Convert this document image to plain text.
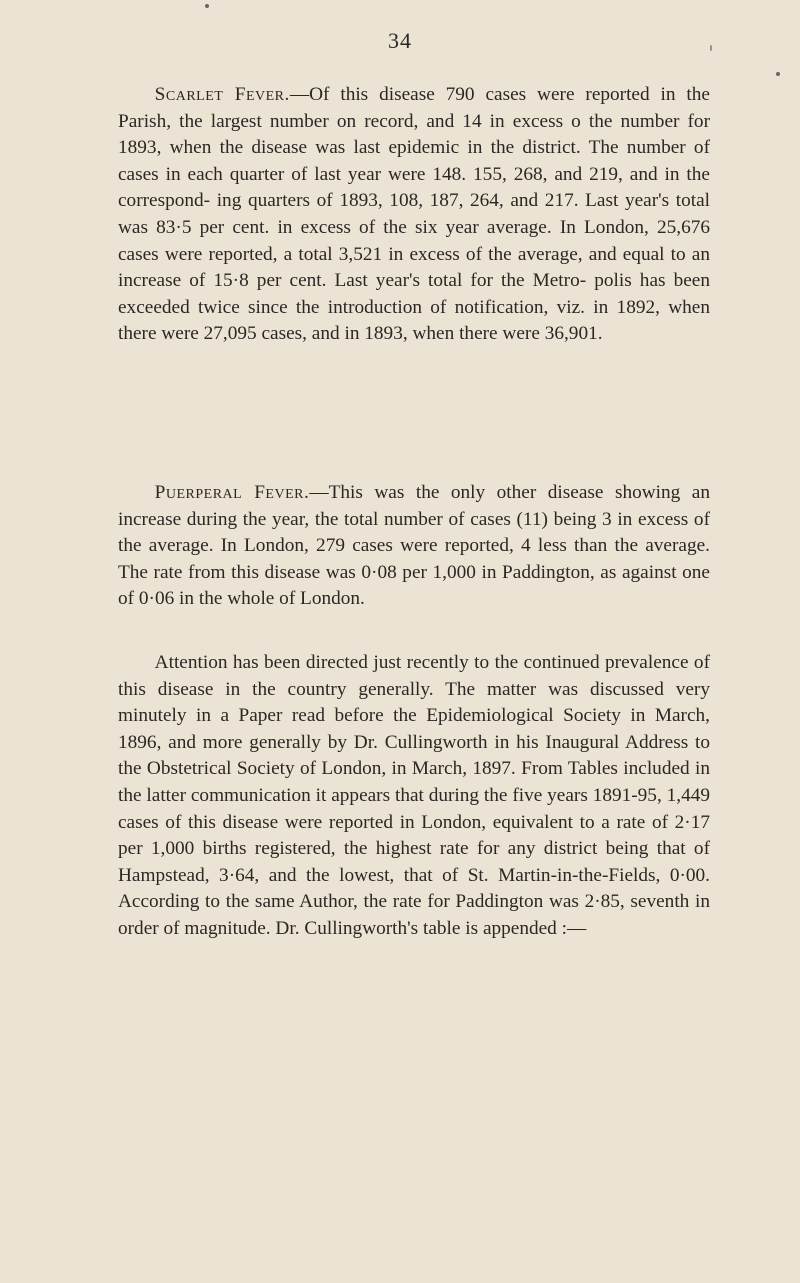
34

Scarlet Fever.—Of this disease 790 cases were reported in the Parish, the largest number on record, and 14 in excess o the number for 1893, when the disease was last epidemic in the district. The number of cases in each quarter of last year were 148. 155, 268, and 219, and in the correspond- ing quarters of 1893, 108, 187, 264, and 217. Last year's total was 83·5 per cent. in excess of the six year average. In London, 25,676 cases were reported, a total 3,521 in excess of the average, and equal to an increase of 15·8 per cent. Last year's total for the Metro- polis has been exceeded twice since the introduction of notification, viz. in 1892, when there were 27,095 cases, and in 1893, when there were 36,901.

Puerperal Fever.—This was the only other disease showing an increase during the year, the total number of cases (11) being 3 in excess of the average. In London, 279 cases were reported, 4 less than the average. The rate from this disease was 0·08 per 1,000 in Paddington, as against one of 0·06 in the whole of London.

Attention has been directed just recently to the continued prevalence of this disease in the country generally. The matter was discussed very minutely in a Paper read before the Epidemiological Society in March, 1896, and more generally by Dr. Cullingworth in his Inaugural Address to the Obstetrical Society of London, in March, 1897. From Tables included in the latter communication it appears that during the five years 1891-95, 1,449 cases of this disease were reported in London, equivalent to a rate of 2·17 per 1,000 births registered, the highest rate for any district being that of Hampstead, 3·64, and the lowest, that of St. Martin-in-the-Fields, 0·00. According to the same Author, the rate for Paddington was 2·85, seventh in order of magnitude. Dr. Cullingworth's table is appended :—
